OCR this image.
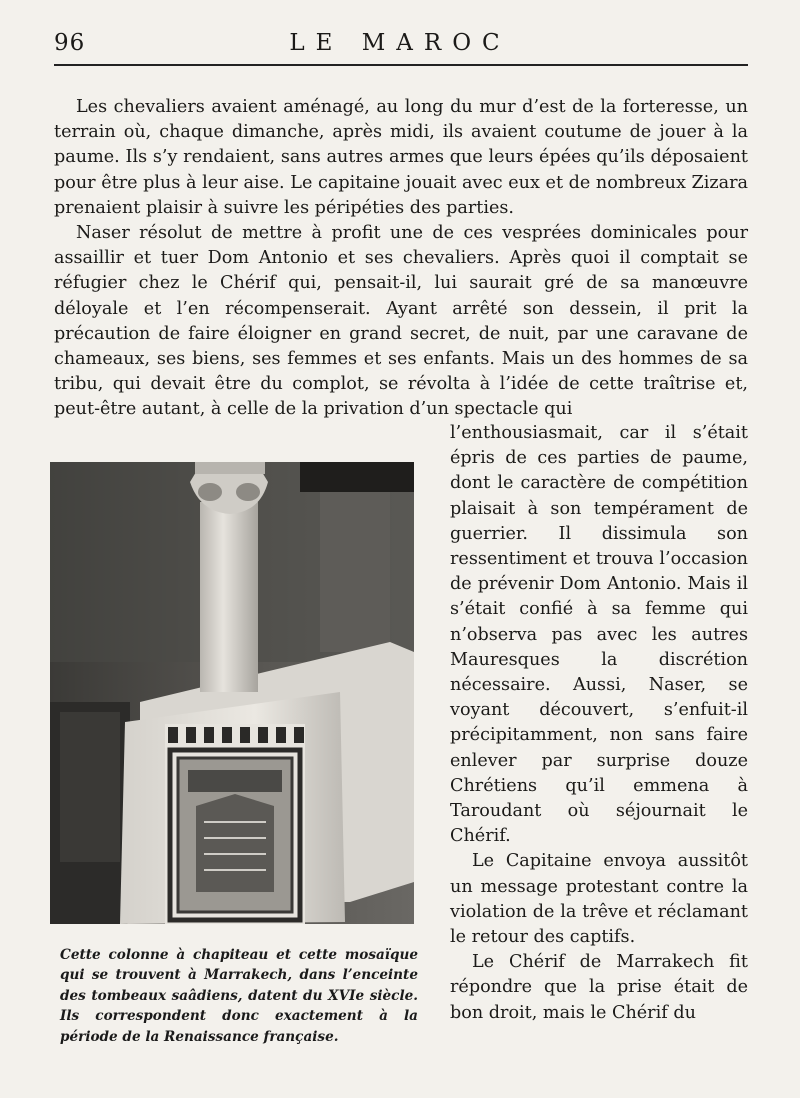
96	LE MAROC

Les chevaliers avaient aménagé, au long du mur d’est de la forteresse, un terrain où, chaque dimanche, après midi, ils avaient coutume de jouer à la paume. Ils s’y rendaient, sans autres armes que leurs épées qu’ils déposaient pour être plus à leur aise. Le capitaine jouait avec eux et de nombreux Zizara prenaient plaisir à suivre les péripéties des parties.

Naser résolut de mettre à profit une de ces vesprées dominicales pour assaillir et tuer Dom Antonio et ses chevaliers. Après quoi il comptait se réfugier chez le Chérif qui, pensait-il, lui saurait gré de sa manœuvre déloyale et l’en récompenserait. Ayant arrêté son dessein, il prit la précaution de faire éloigner en grand secret, de nuit, par une caravane de chameaux, ses biens, ses femmes et ses enfants. Mais un des hommes de sa tribu, qui devait être du complot, se révolta à l’idée de cette traîtrise et, peut-être autant, à celle de la privation d’un spectacle qui

l’enthousiasmait, car il s’était épris de ces parties de paume, dont le caractère de compétition plaisait à son tempérament de guerrier. Il dissimula son ressentiment et trouva l’occasion de prévenir Dom Antonio. Mais il s’était confié à sa femme qui n’observa pas avec les autres Mauresques la discrétion nécessaire. Aussi, Naser, se voyant découvert, s’enfuit-il précipitamment, non sans faire enlever par surprise douze Chrétiens qu’il emmena à Taroudant où séjournait le Chérif.

Le Capitaine envoya aussitôt un message protestant contre la violation de la trêve et réclamant le retour des captifs.

Le Chérif de Marrakech fit répondre que la prise était de bon droit, mais le Chérif du

Cette colonne à chapiteau et cette mosaïque qui se trouvent à Marrakech, dans l’enceinte des tombeaux saâdiens, datent du XVIe siècle. Ils correspondent donc exactement à la période de la Renaissance française.
